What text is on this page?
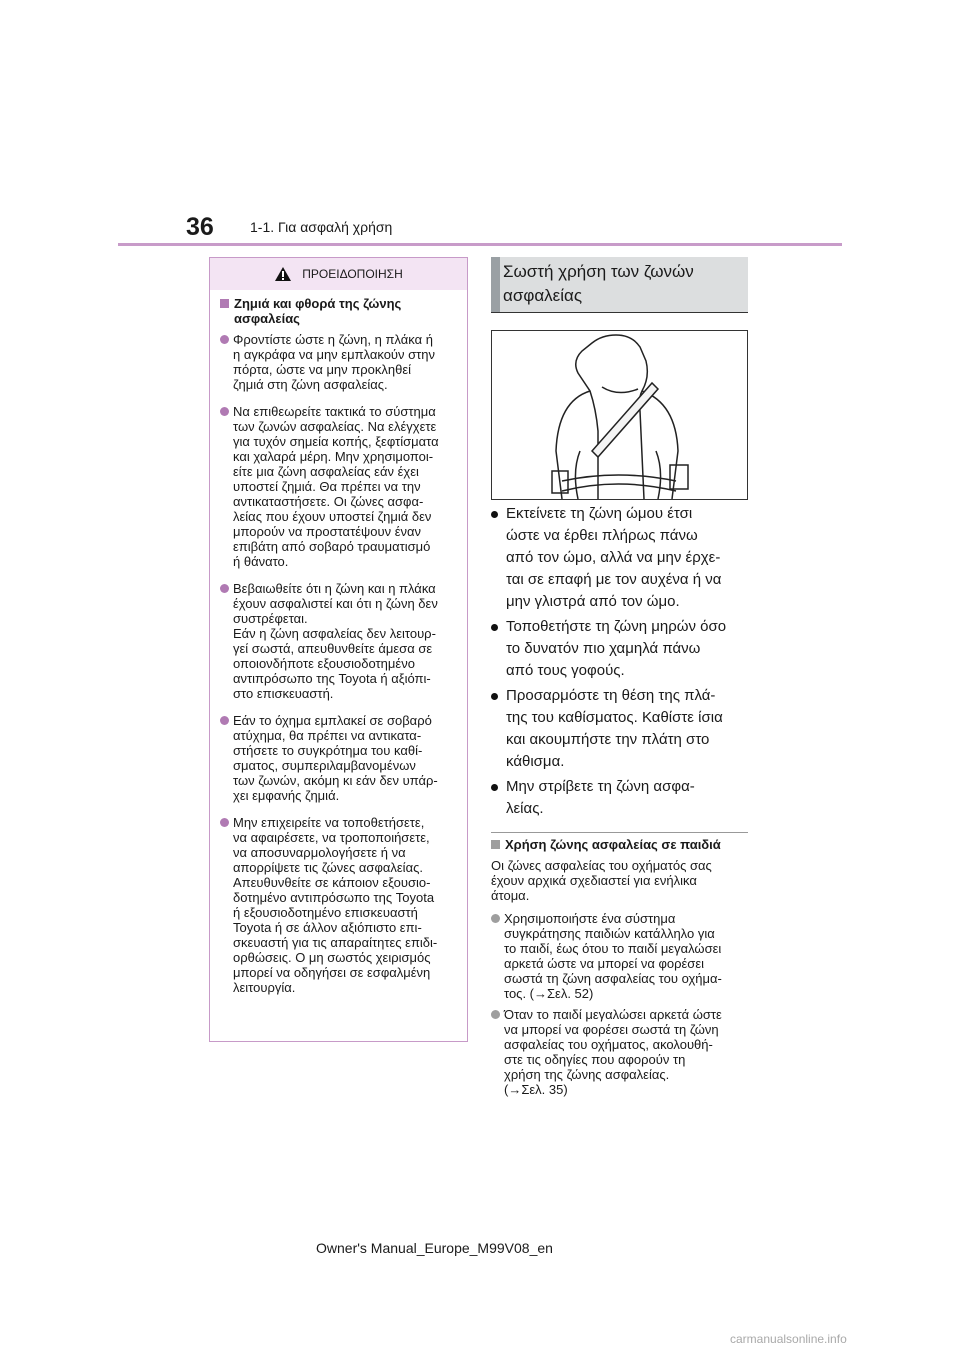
36	1-1. Για ασφαλή χρήση
ΠΡΟΕΙΔΟΠΟΙΗΣΗ
Ζημιά και φθορά της ζώνης
ασφαλείας
Φροντίστε ώστε η ζώνη, η πλάκα ή
η αγκράφα να μην εμπλακούν στην
πόρτα, ώστε να μην προκληθεί
ζημιά στη ζώνη ασφαλείας.
Να επιθεωρείτε τακτικά το σύστημα
των ζωνών ασφαλείας. Να ελέγχετε
για τυχόν σημεία κοπής, ξεφτίσματα
και χαλαρά μέρη. Μην χρησιμοποι-
είτε μια ζώνη ασφαλείας εάν έχει
υποστεί ζημιά. Θα πρέπει να την
αντικαταστήσετε. Οι ζώνες ασφα-
λείας που έχουν υποστεί ζημιά δεν
μπορούν να προστατέψουν έναν
επιβάτη από σοβαρό τραυματισμό
ή θάνατο.
Βεβαιωθείτε ότι η ζώνη και η πλάκα
έχουν ασφαλιστεί και ότι η ζώνη δεν
συστρέφεται.
Εάν η ζώνη ασφαλείας δεν λειτουρ-
γεί σωστά, απευθυνθείτε άμεσα σε
οποιονδήποτε εξουσιοδοτημένο
αντιπρόσωπο της Toyota ή αξιόπι-
στο επισκευαστή.
Εάν το όχημα εμπλακεί σε σοβαρό
ατύχημα, θα πρέπει να αντικατα-
στήσετε το συγκρότημα του καθί-
σματος, συμπεριλαμβανομένων
των ζωνών, ακόμη κι εάν δεν υπάρ-
χει εμφανής ζημιά.
Μην επιχειρείτε να τοποθετήσετε,
να αφαιρέσετε, να τροποποιήσετε,
να αποσυναρμολογήσετε ή να
απορρίψετε τις ζώνες ασφαλείας.
Απευθυνθείτε σε κάποιον εξουσιο-
δοτημένο αντιπρόσωπο της Toyota
ή εξουσιοδοτημένο επισκευαστή
Toyota ή σε άλλον αξιόπιστο επι-
σκευαστή για τις απαραίτητες επιδι-
ορθώσεις. Ο μη σωστός χειρισμός
μπορεί να οδηγήσει σε εσφαλμένη
λειτουργία.
Σωστή χρήση των ζωνών
ασφαλείας
Εκτείνετε τη ζώνη ώμου έτσι
ώστε να έρθει πλήρως πάνω
από τον ώμο, αλλά να μην έρχε-
ται σε επαφή με τον αυχένα ή να
μην γλιστρά από τον ώμο.
Τοποθετήστε τη ζώνη μηρών όσο
το δυνατόν πιο χαμηλά πάνω
από τους γοφούς.
Προσαρμόστε τη θέση της πλά-
της του καθίσματος. Καθίστε ίσια
και ακουμπήστε την πλάτη στο
κάθισμα.
Μην στρίβετε τη ζώνη ασφα-
λείας.
Χρήση ζώνης ασφαλείας σε παιδιά
Οι ζώνες ασφαλείας του οχήματός σας
έχουν αρχικά σχεδιαστεί για ενήλικα
άτομα.
Χρησιμοποιήστε ένα σύστημα
συγκράτησης παιδιών κατάλληλο για
το παιδί, έως ότου το παιδί μεγαλώσει
αρκετά ώστε να μπορεί να φορέσει
σωστά τη ζώνη ασφαλείας του οχήμα-
τος. (→Σελ. 52)
Όταν το παιδί μεγαλώσει αρκετά ώστε
να μπορεί να φορέσει σωστά τη ζώνη
ασφαλείας του οχήματος, ακολουθή-
στε τις οδηγίες που αφορούν τη
χρήση της ζώνης ασφαλείας.
(→Σελ. 35)
Owner's Manual_Europe_M99V08_en
carmanualsonline.info
